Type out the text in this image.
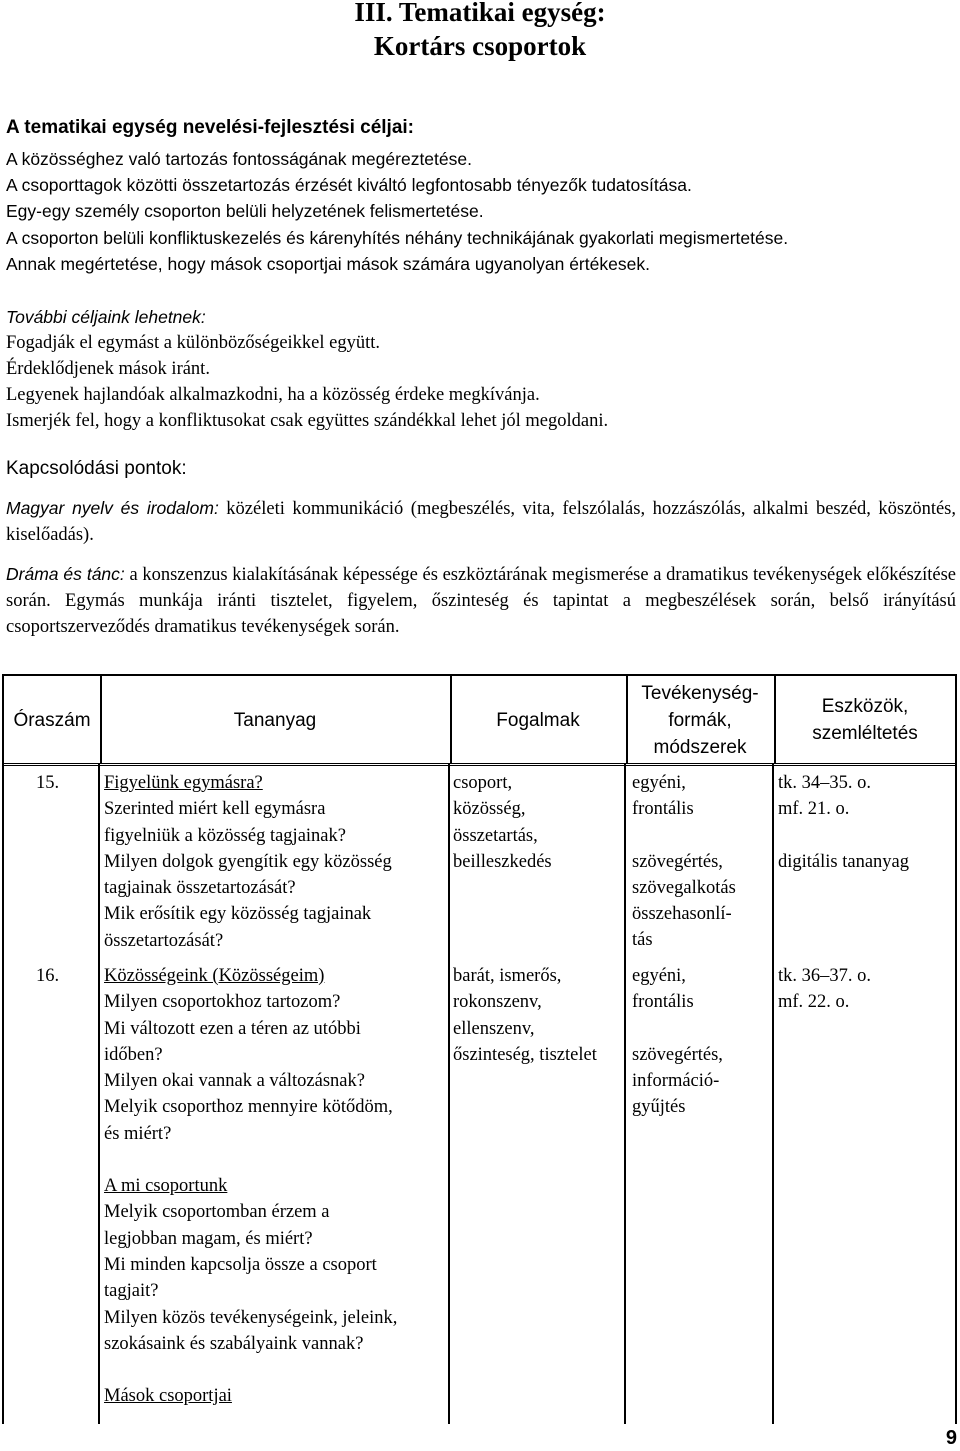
III. Tematikai egység:
Kortárs csoportok
A tematikai egység nevelési-fejlesztési céljai:
A közösséghez való tartozás fontosságának megéreztetése.
A csoporttagok közötti összetartozás érzését kiváltó legfontosabb tényezők tudatosítása.
Egy-egy személy csoporton belüli helyzetének felismertetése.
A csoporton belüli konfliktuskezelés és kárenyhítés néhány technikájának gyakorlati megismertetése.
Annak megértetése, hogy mások csoportjai mások számára ugyanolyan értékesek.
További céljaink lehetnek:
Fogadják el egymást a különbözőségeikkel együtt.
Érdeklődjenek mások iránt.
Legyenek hajlandóak alkalmazkodni, ha a közösség érdeke megkívánja.
Ismerjék fel, hogy a konfliktusokat csak együttes szándékkal lehet jól megoldani.
Kapcsolódási pontok:
Magyar nyelv és irodalom: közéleti kommunikáció (megbeszélés, vita, felszólalás, hozzászólás, alkalmi beszéd, köszöntés, kiselőadás).
Dráma és tánc: a konszenzus kialakításának képessége és eszköztárának megismerése a dramatikus tevékenységek előkészítése során. Egymás munkája iránti tisztelet, figyelem, őszinteség és tapintat a megbeszélések során, belső irányítású csoportszerveződés dramatikus tevékenységek során.
Óraszám	Tananyag	Fogalmak
Tevékenység-
formák,
módszerek
Eszközök,
szemléltetés
15. Figyelünk egymásra?
Szerinted miért kell egymásra
figyelniük a közösség tagjainak?
Milyen dolgok gyengítik egy közösség
tagjainak összetartozását?
Mik erősítik egy közösség tagjainak
összetartozását?
csoport,
közösség,
összetartás,
beilleszkedés
egyéni,
frontális
szövegértés,
szövegalkotás
összehasonlí-
tás
tk. 34–35. o.
mf. 21. o.
digitális tananyag
16. Közösségeink (Közösségeim)
Milyen csoportokhoz tartozom?
Mi változott ezen a téren az utóbbi
időben?
Milyen okai vannak a változásnak?
Melyik csoporthoz mennyire kötődöm,
és miért?
A mi csoportunk
Melyik csoportomban érzem a
legjobban magam, és miért?
Mi minden kapcsolja össze a csoport
tagjait?
Milyen közös tevékenységeink, jeleink,
szokásaink és szabályaink vannak?
Mások csoportjai
barát, ismerős,
rokonszenv,
ellenszenv,
őszinteség, tisztelet
egyéni,
frontális
szövegértés,
információ-
gyűjtés
tk. 36–37. o.
mf. 22. o.
9
